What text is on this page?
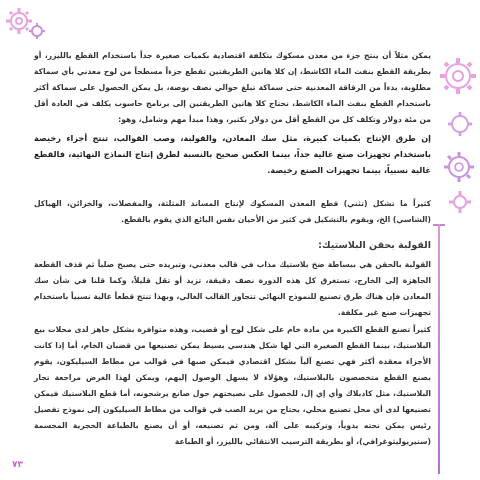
يمكن مثلاً أن ينتج جزء من معدن مسكوك بتكلفة اقتصادية بكميات صغيرة جداً باستخدام القطع بالليزر، أو بطريقة القطع بنفث الماء الكاشط، إن كلا هاتين الطريقتين تقطع جزءاً مسطحاً من لوح معدني بأي سماكة مطلوبة، بدءاً من الرقاقة المعدنية حتى سماكة تبلغ حوالي نصف بوصة، بل يمكن الحصول على سماكة أكثر باستخدام القطع بنفث الماء الكاشط، تحتاج كلا هاتين الطريقتين إلى برنامج حاسوب يكلف في العادة أقل من مئة دولار وتكلف كل من القطع أقل من دولار بكثير، وهذا مبدأ مهم وشامل، وهو:

إن طرق الإنتاج بكميات كبيرة، مثل سك المعادن، والقولبة، وصب القوالب، تنتج أجزاء رخيصة باستخدام تجهيزات صنع غالية جداً، بينما العكس صحيح بالنسبة لطرق إنتاج النماذج النهائية، فالقطع غالية نسبياً، بينما تجهيزات الصنع رخيصة.

كثيراً ما تشكل (تثني) قطع المعدن المسكوك لإنتاج المساند المثلثة، والمفصلات، والخزائن، الهياكل (الشاسي) الخ، ويقوم بالتشكيل في كثير من الأحيان نفس البائع الذي يقوم بالقطع.

القولبة بحقن البلاستيك:

القولبة بالحقن هي ببساطة ضخ بلاستيك مذاب في قالب معدني، وتبريده حتى يصبح صلباً ثم قذف القطعة الجاهزة إلى الخارج، تستغرق كل هذه الدورة نصف دقيقة، تزيد أو تقل قليلاً، وكما قلنا في شأن سك المعادن فإن هناك طرق تصنيع للنموذج النهائي تتجاوز القالب الغالي، وبهذا تنتج قطعاً غالية نسبياً باستخدام تجهيزات صنع غير مكلفة.

كثيراً تصنع القطع الكبيرة من مادة خام على شكل لوح أو قضيب، وهذه متوافرة بشكل جاهز لدى محلات بيع البلاستيك، بينما القطع الصغيرة التي لها شكل هندسي بسيط يمكن تصنيعها من قضبان الخام، أما إذا كانت الأجزاء معقدة أكثر فهي تصنع آلياً بشكل اقتصادي فيمكن صبها في قوالب من مطاط السيليكون، يقوم بصنع القطع متخصصون بالبلاستيك، وهؤلاء لا يسهل الوصول إليهم، ويمكن لهذا الغرض مراجعة تجار البلاستيك، مثل كادبلاك وأي إي إل، للحصول على نصيحتهم حول صانع يرشحونه، أما قطع البلاستيك فيمكن تصنيعها لدى أي محل تصنيع محلي، يحتاج من يريد الصب في قوالب من مطاط السيليكون إلى نموذج تفصيل رئيس يمكن نحته يدوياً، وتركيبه على آلة، ومن ثم تصنيعه، أو أن يصنع بالطباعة الحجرية المجسمة (ستيريوليثوغرافي)، أو بطريقة الترسيب الانتقائي بالليزر، أو الطباعة

٧٣
